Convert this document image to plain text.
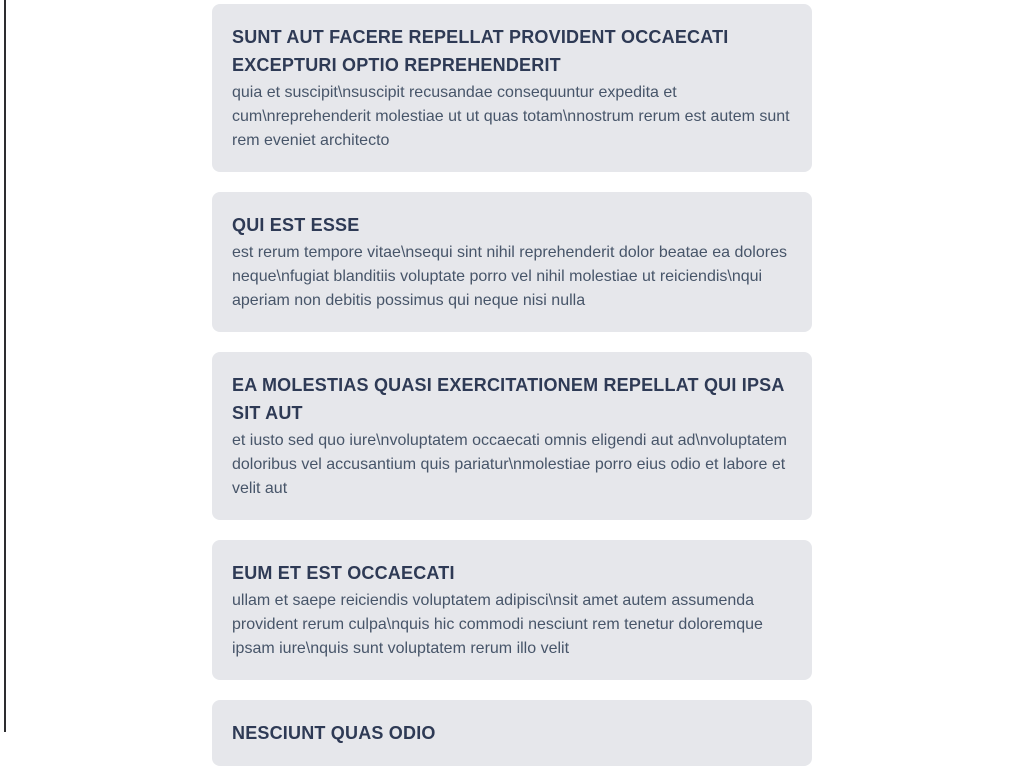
SUNT AUT FACERE REPELLAT PROVIDENT OCCAECATI EXCEPTURI OPTIO REPREHENDERIT

quia et suscipit\nsuscipit recusandae consequuntur expedita et cum\nreprehenderit molestiae ut ut quas totam\nnostrum rerum est autem sunt rem eveniet architecto

QUI EST ESSE

est rerum tempore vitae\nsequi sint nihil reprehenderit dolor beatae ea dolores neque\nfugiat blanditiis voluptate porro vel nihil molestiae ut reiciendis\nqui aperiam non debitis possimus qui neque nisi nulla

EA MOLESTIAS QUASI EXERCITATIONEM REPELLAT QUI IPSA SIT AUT

et iusto sed quo iure\nvoluptatem occaecati omnis eligendi aut ad\nvoluptatem doloribus vel accusantium quis pariatur\nmolestiae porro eius odio et labore et velit aut

EUM ET EST OCCAECATI

ullam et saepe reiciendis voluptatem adipisci\nsit amet autem assumenda provident rerum culpa\nquis hic commodi nesciunt rem tenetur doloremque ipsam iure\nquis sunt voluptatem rerum illo velit

NESCIUNT QUAS ODIO
